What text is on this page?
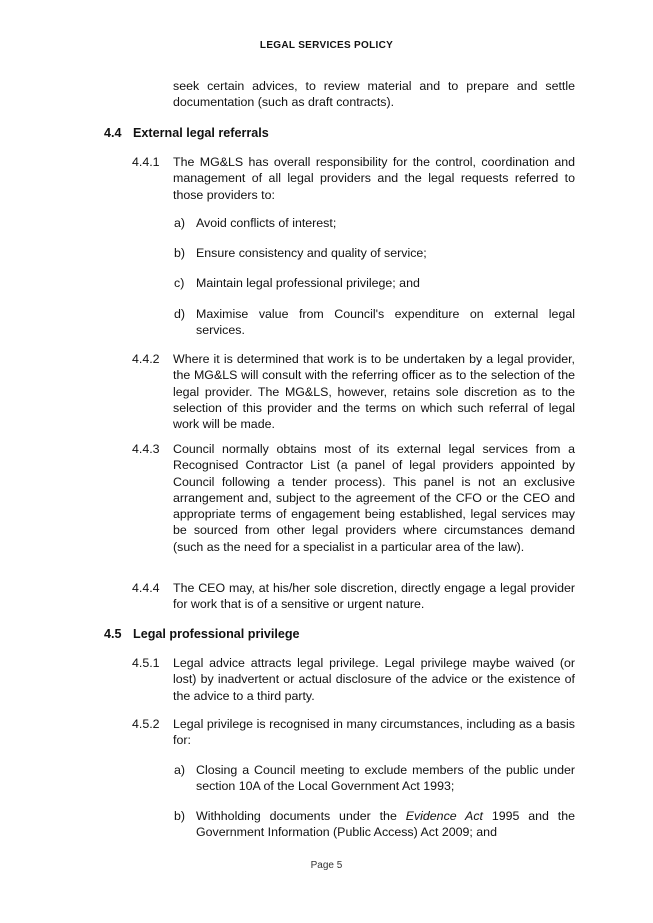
LEGAL SERVICES POLICY

seek certain advices, to review material and to prepare and settle documentation (such as draft contracts).

4.4 External legal referrals
4.4.1	The MG&LS has overall responsibility for the control, coordination and management of all legal providers and the legal requests referred to those providers to:

a) Avoid conflicts of interest;

b) Ensure consistency and quality of service;

c) Maintain legal professional privilege; and

d) Maximise value from Council's expenditure on external legal services.

4.4.2	Where it is determined that work is to be undertaken by a legal provider, the MG&LS will consult with the referring officer as to the selection of the legal provider. The MG&LS, however, retains sole discretion as to the selection of this provider and the terms on which such referral of legal work will be made.

4.4.3	Council normally obtains most of its external legal services from a Recognised Contractor List (a panel of legal providers appointed by Council following a tender process). This panel is not an exclusive arrangement and, subject to the agreement of the CFO or the CEO and appropriate terms of engagement being established, legal services may be sourced from other legal providers where circumstances demand (such as the need for a specialist in a particular area of the law).

4.4.4	The CEO may, at his/her sole discretion, directly engage a legal provider for work that is of a sensitive or urgent nature.

4.5 Legal professional privilege
4.5.1	Legal advice attracts legal privilege. Legal privilege maybe waived (or lost) by inadvertent or actual disclosure of the advice or the existence of the advice to a third party.

4.5.2	Legal privilege is recognised in many circumstances, including as a basis for:

a) Closing a Council meeting to exclude members of the public under section 10A of the Local Government Act 1993;

b) Withholding documents under the Evidence Act 1995 and the Government Information (Public Access) Act 2009; and

Page 5
